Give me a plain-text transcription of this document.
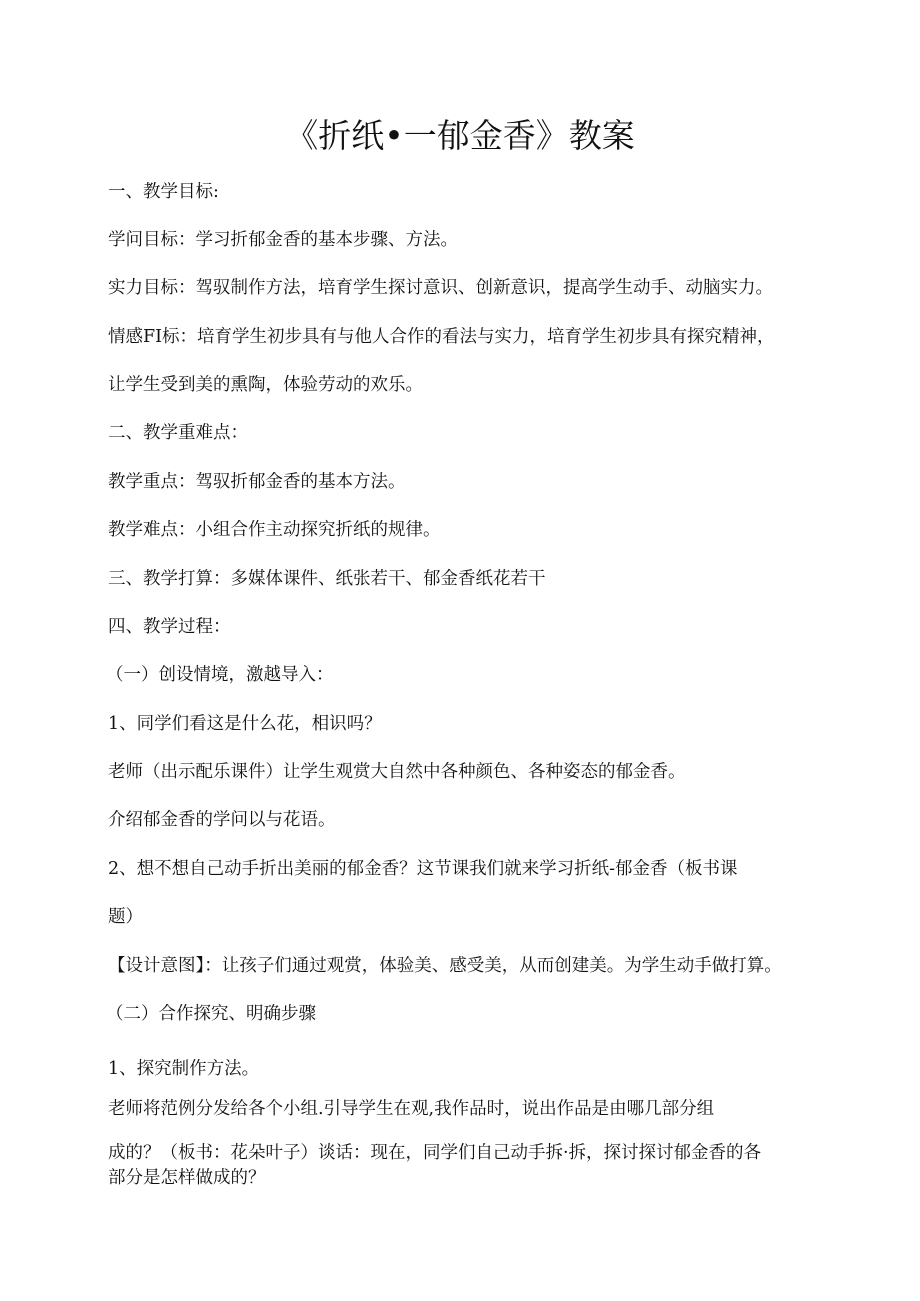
《折纸•一郁金香》教案

一、教学目标:

学问目标：学习折郁金香的基本步骤、方法。

实力目标：驾驭制作方法，培育学生探讨意识、创新意识，提高学生动手、动脑实力。

情感FI标：培育学生初步具有与他人合作的看法与实力，培育学生初步具有探究精神，

让学生受到美的熏陶，体验劳动的欢乐。

二、教学重难点：

教学重点：驾驭折郁金香的基本方法。

教学难点：小组合作主动探究折纸的规律。

三、教学打算：多媒体课件、纸张若干、郁金香纸花若干

四、教学过程：

（一）创设情境，激越导入：

1、同学们看这是什么花，相识吗？

老师（出示配乐课件）让学生观赏大自然中各种颜色、各种姿态的郁金香。

介绍郁金香的学问以与花语。

2、想不想自己动手折出美丽的郁金香？这节课我们就来学习折纸-郁金香（板书课

题）

【设计意图】：让孩子们通过观赏，体验美、感受美，从而创建美。为学生动手做打算。

（二）合作探究、明确步骤

1、探究制作方法。

老师将范例分发给各个小组.引导学生在观,我作品时，说出作品是由哪几部分组

成的？（板书：花朵叶子）谈话：现在，同学们自己动手拆·拆，探讨探讨郁金香的各

部分是怎样做成的？
